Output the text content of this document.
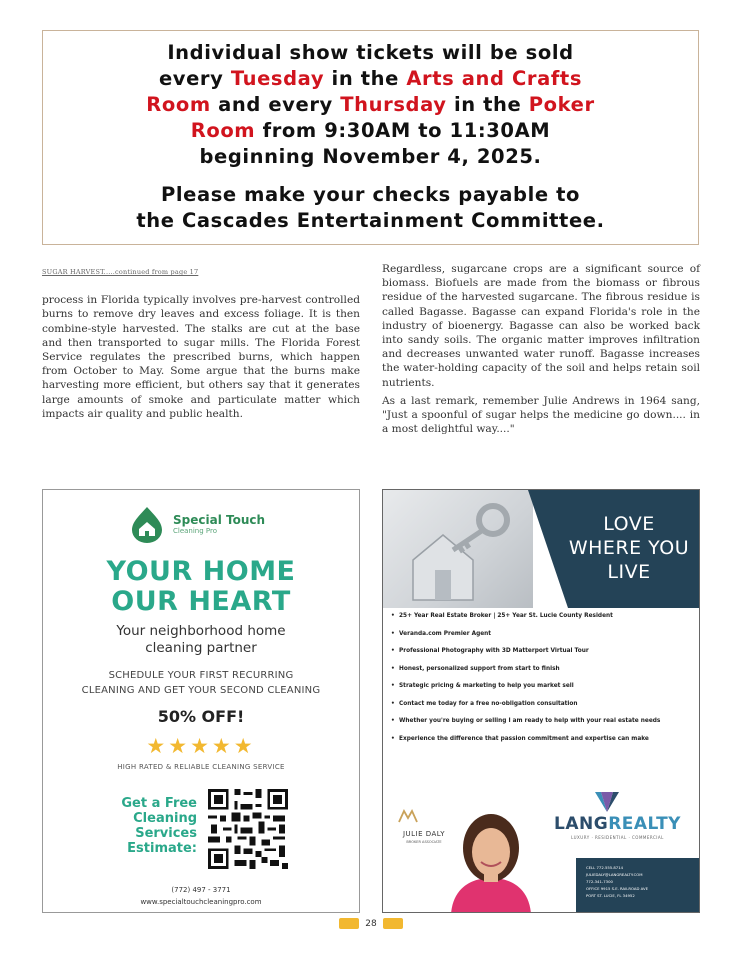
Individual show tickets will be sold
every Tuesday in the Arts and Crafts
Room and every Thursday in the Poker
Room from 9:30AM to 11:30AM
beginning November 4, 2025.
Please make your checks payable to
the Cascades Entertainment Committee.
SUGAR HARVEST.....continued from page 17

process in Florida typically involves pre-harvest controlled burns to remove dry leaves and excess foliage. It is then combine-style harvested. The stalks are cut at the base and then transported to sugar mills. The Florida Forest Service regulates the prescribed burns, which happen from October to May. Some argue that the burns make harvesting more efficient, but others say that it generates large amounts of smoke and particulate matter which impacts air quality and public health.

Regardless, sugarcane crops are a significant source of biomass. Biofuels are made from the biomass or fibrous residue of the harvested sugarcane. The fibrous residue is called Bagasse. Bagasse can expand Florida's role in the industry of bioenergy. Bagasse can also be worked back into sandy soils. The organic matter improves infiltration and decreases unwanted water runoff. Bagasse increases the water-holding capacity of the soil and helps retain soil nutrients.

As a last remark, remember Julie Andrews in 1964 sang, "Just a spoonful of sugar helps the medicine go down.... in a most delightful way...."

Special Touch
Cleaning Pro
YOUR HOME
OUR HEART
Your neighborhood home
cleaning partner
SCHEDULE YOUR FIRST RECURRING
CLEANING AND GET YOUR SECOND CLEANING
50% OFF!
★★★★★
HIGH RATED & RELIABLE CLEANING SERVICE
Get a Free
Cleaning
Services
Estimate:
(772) 497 - 3771
www.specialtouchcleaningpro.com
LOVE
WHERE YOU
LIVE
• 25+ Year Real Estate Broker | 25+ Year St. Lucie County Resident
• Veranda.com Premier Agent
• Professional Photography with 3D Matterport Virtual Tour
• Honest, personalized support from start to finish
• Strategic pricing & marketing to help you market sell
• Contact me today for a free no-obligation consultation
• Whether you're buying or selling I am ready to help with your real estate needs
• Experience the difference that passion commitment and expertise can make
JULIE DALY
BROKER ASSOCIATE
LANGREALTY
LUXURY · RESIDENTIAL · COMMERCIAL
CELL 772.555.8714
JULIEDALY@LANGREALTY.COM
772-341-7300
OFFICE 9915 S.E. RAILROAD AVE
PORT ST. LUCIE, FL 34952
28
